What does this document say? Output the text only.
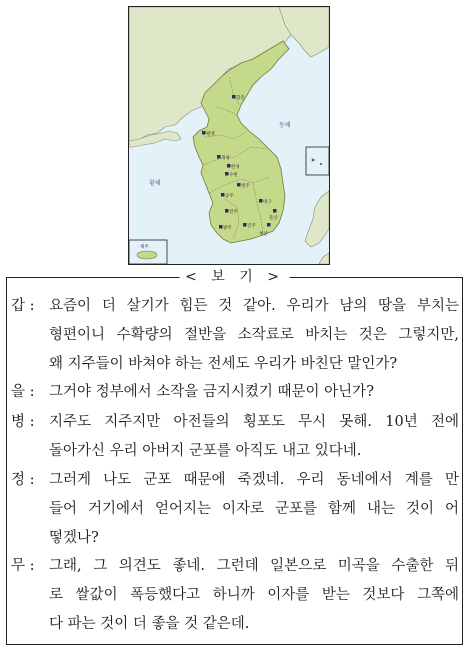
제주
동해
황해
함흥
평양
개성
한성
수원
공주
청주
대구
전주
광주	진주
부산
울산
< 보 기 >
갑 : 요즘이 더 살기가 힘든 것 같아. 우리가 남의 땅을 부치는
형편이니 수확량의 절반을 소작료로 바치는 것은 그렇지만,
왜 지주들이 바쳐야 하는 전세도 우리가 바친단 말인가?
을 : 그거야 정부에서 소작을 금지시켰기 때문이 아닌가?
병 : 지주도 지주지만 아전들의 횡포도 무시 못해. 10년 전에
돌아가신 우리 아버지 군포를 아직도 내고 있다네.
정 : 그러게 나도 군포 때문에 죽겠네. 우리 동네에서 계를 만
들어 거기에서 얻어지는 이자로 군포를 함께 내는 것이 어
떻겠나?
무 : 그래, 그 의견도 좋네. 그런데 일본으로 미곡을 수출한 뒤
로 쌀값이 폭등했다고 하니까 이자를 받는 것보다 그쪽에
다 파는 것이 더 좋을 것 같은데.
